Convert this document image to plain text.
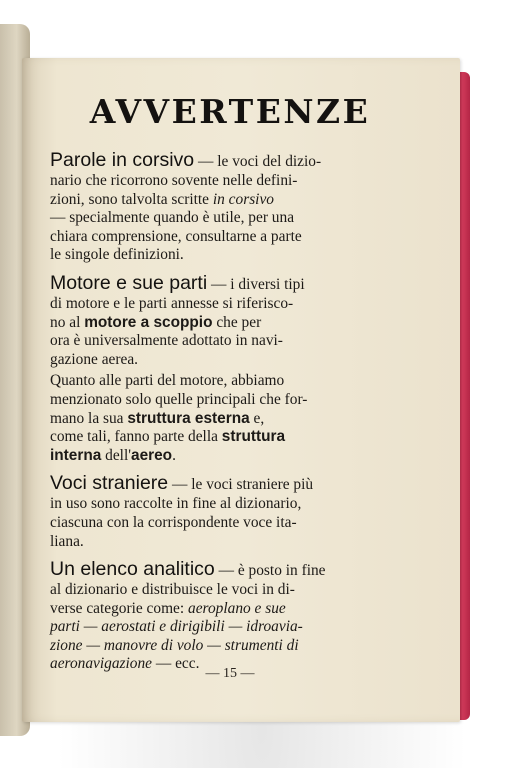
AVVERTENZE
Parole in corsivo — le voci del dizio-
nario che ricorrono sovente nelle defini-
zioni, sono talvolta scritte in corsivo
— specialmente quando è utile, per una
chiara comprensione, consultarne a parte
le singole definizioni.
Motore e sue parti — i diversi tipi
di motore e le parti annesse si riferisco-
no al motore a scoppio che per
ora è universalmente adottato in navi-
gazione aerea.
Quanto alle parti del motore, abbiamo
menzionato solo quelle principali che for-
mano la sua struttura esterna e,
come tali, fanno parte della struttura
interna dell'aereo.
Voci straniere — le voci straniere più
in uso sono raccolte in fine al dizionario,
ciascuna con la corrispondente voce ita-
liana.
Un elenco analitico — è posto in fine
al dizionario e distribuisce le voci in di-
verse categorie come: aeroplano e sue
parti — aerostati e dirigibili — idroavia-
zione — manovre di volo — strumenti di
aeronavigazione — ecc.
— 15 —
